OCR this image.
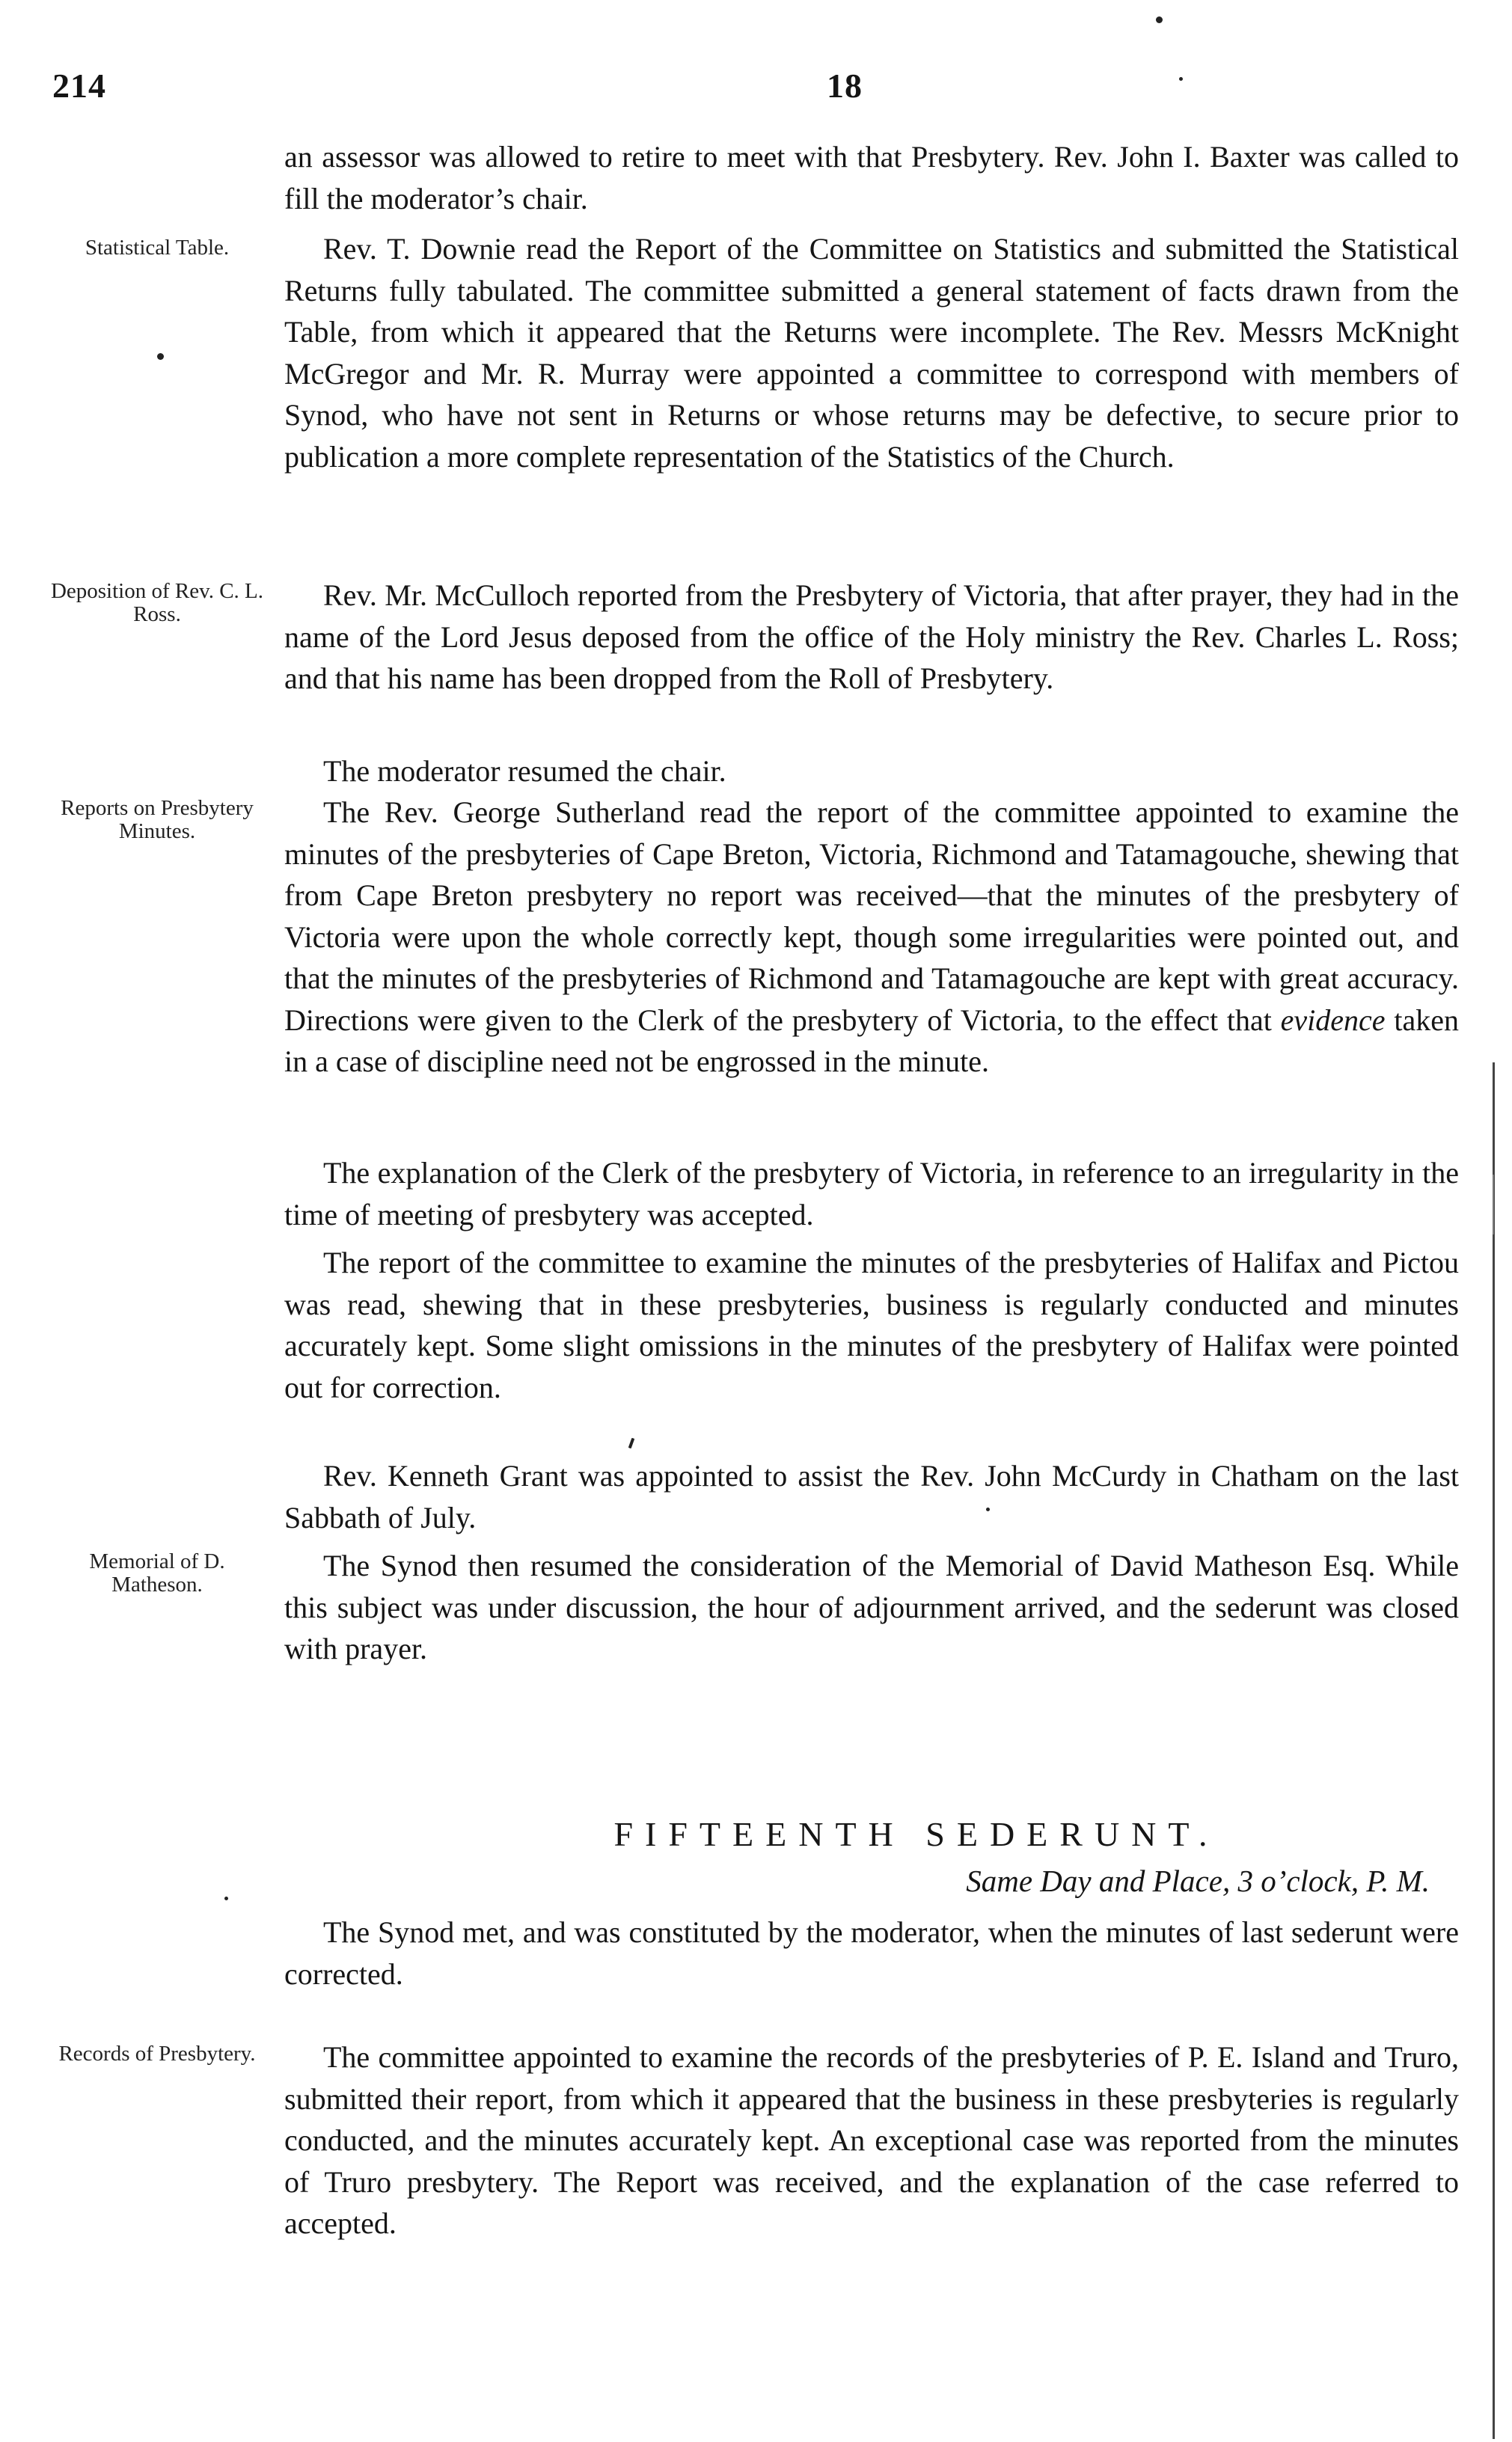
214	18
an assessor was allowed to retire to meet with that Presbytery. Rev. John I. Baxter was called to fill the moderator’s chair.
Statistical Table.	Rev. T. Downie read the Report of the Committee on Statistics and submitted the Statistical Returns fully tabulated. The committee submitted a general statement of facts drawn from the Table, from which it appeared that the Returns were incomplete. The Rev. Messrs McKnight McGregor and Mr. R. Murray were appointed a committee to correspond with members of Synod, who have not sent in Returns or whose returns may be defective, to secure prior to publication a more complete representation of the Statistics of the Church.
Deposition of Rev. C. L. Ross.
Rev. Mr. McCulloch reported from the Presbytery of Victoria, that after prayer, they had in the name of the Lord Jesus deposed from the office of the Holy ministry the Rev. Charles L. Ross; and that his name has been dropped from the Roll of Presbytery.
The moderator resumed the chair.
Reports on Presbytery Minutes.
The Rev. George Sutherland read the report of the committee appointed to examine the minutes of the presbyteries of Cape Breton, Victoria, Richmond and Tatamagouche, shewing that from Cape Breton presbytery no report was received—that the minutes of the presbytery of Victoria were upon the whole correctly kept, though some irregularities were pointed out, and that the minutes of the presbyteries of Richmond and Tatamagouche are kept with great accuracy. Directions were given to the Clerk of the presbytery of Victoria, to the effect that evidence taken in a case of discipline need not be engrossed in the minute.
The explanation of the Clerk of the presbytery of Victoria, in reference to an irregularity in the time of meeting of presbytery was accepted.
The report of the committee to examine the minutes of the presbyteries of Halifax and Pictou was read, shewing that in these presbyteries, business is regularly conducted and minutes accurately kept. Some slight omissions in the minutes of the presbytery of Halifax were pointed out for correction.
Rev. Kenneth Grant was appointed to assist the Rev. John McCurdy in Chatham on the last Sabbath of July.
Memorial of D. Matheson.
The Synod then resumed the consideration of the Memorial of David Matheson Esq. While this subject was under discussion, the hour of adjournment arrived, and the sederunt was closed with prayer.
FIFTEENTH SEDERUNT.
Same Day and Place, 3 o’clock, P. M.
The Synod met, and was constituted by the moderator, when the minutes of last sederunt were corrected.
Records of Presbytery.	The committee appointed to examine the records of the presbyteries of P. E. Island and Truro, submitted their report, from which it appeared that the business in these presbyteries is regularly conducted, and the minutes accurately kept. An exceptional case was reported from the minutes of Truro presbytery. The Report was received, and the explanation of the case referred to accepted.
